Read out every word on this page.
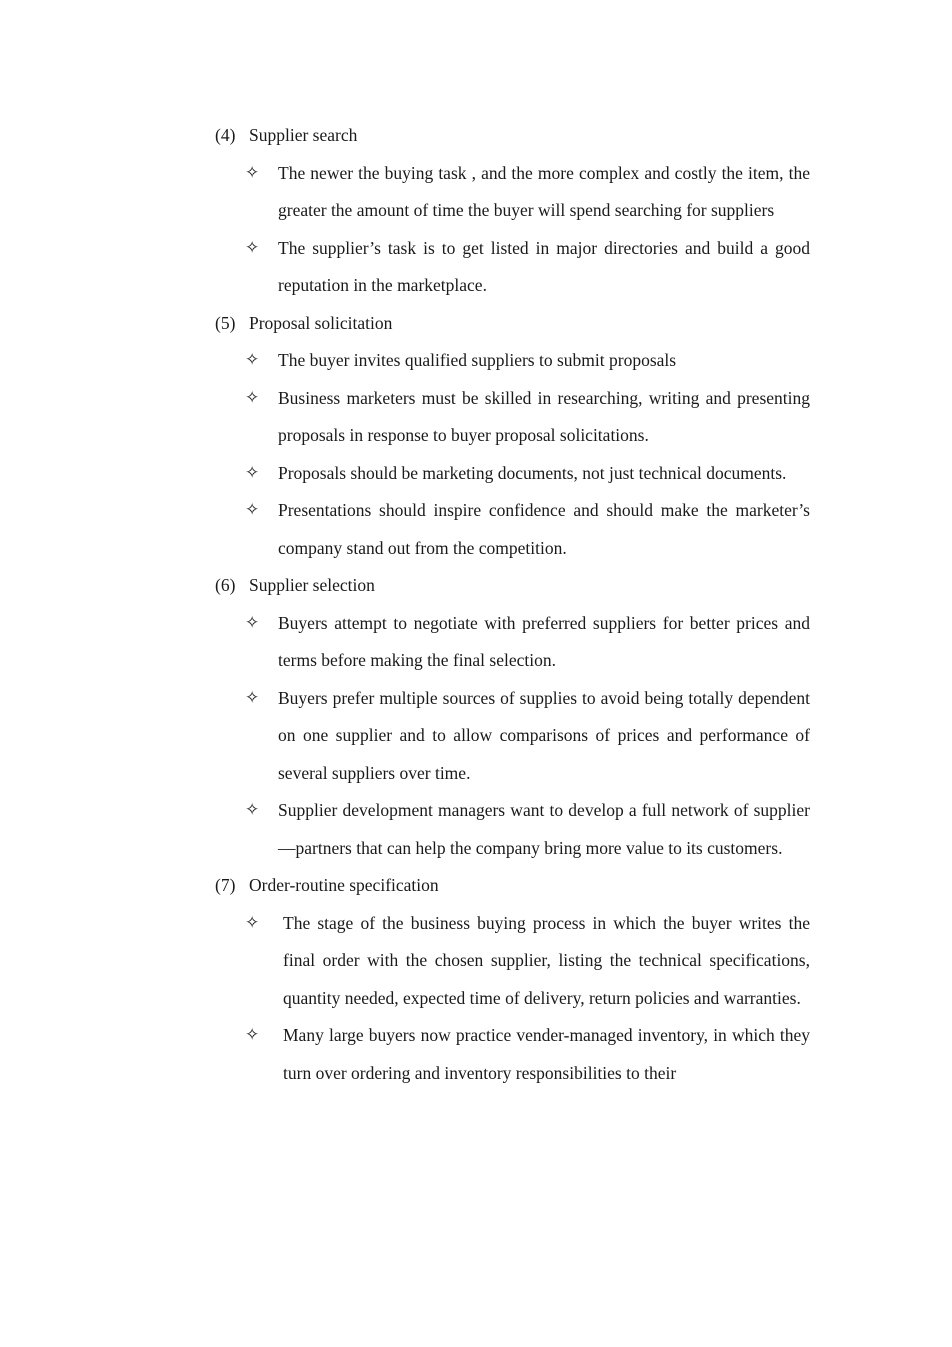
(4) Supplier search

✧ The newer the buying task , and the more complex and costly the item, the greater the amount of time the buyer will spend searching for suppliers
✧ The supplier’s task is to get listed in major directories and build a good reputation in the marketplace.

(5) Proposal solicitation

✧ The buyer invites qualified suppliers to submit proposals
✧ Business marketers must be skilled in researching, writing and presenting proposals in response to buyer proposal solicitations.
✧ Proposals should be marketing documents, not just technical documents.
✧ Presentations should inspire confidence and should make the marketer’s company stand out from the competition.

(6) Supplier selection

✧ Buyers attempt to negotiate with preferred suppliers for better prices and terms before making the final selection.
✧ Buyers prefer multiple sources of supplies to avoid being totally dependent on one supplier and to allow comparisons of prices and performance of several suppliers over time.
✧ Supplier development managers want to develop a full network of supplier—partners that can help the company bring more value to its customers.

(7) Order-routine specification

✧ The stage of the business buying process in which the buyer writes the final order with the chosen supplier, listing the technical specifications, quantity needed, expected time of delivery, return policies and warranties.
✧ Many large buyers now practice vender-managed inventory, in which they turn over ordering and inventory responsibilities to their
